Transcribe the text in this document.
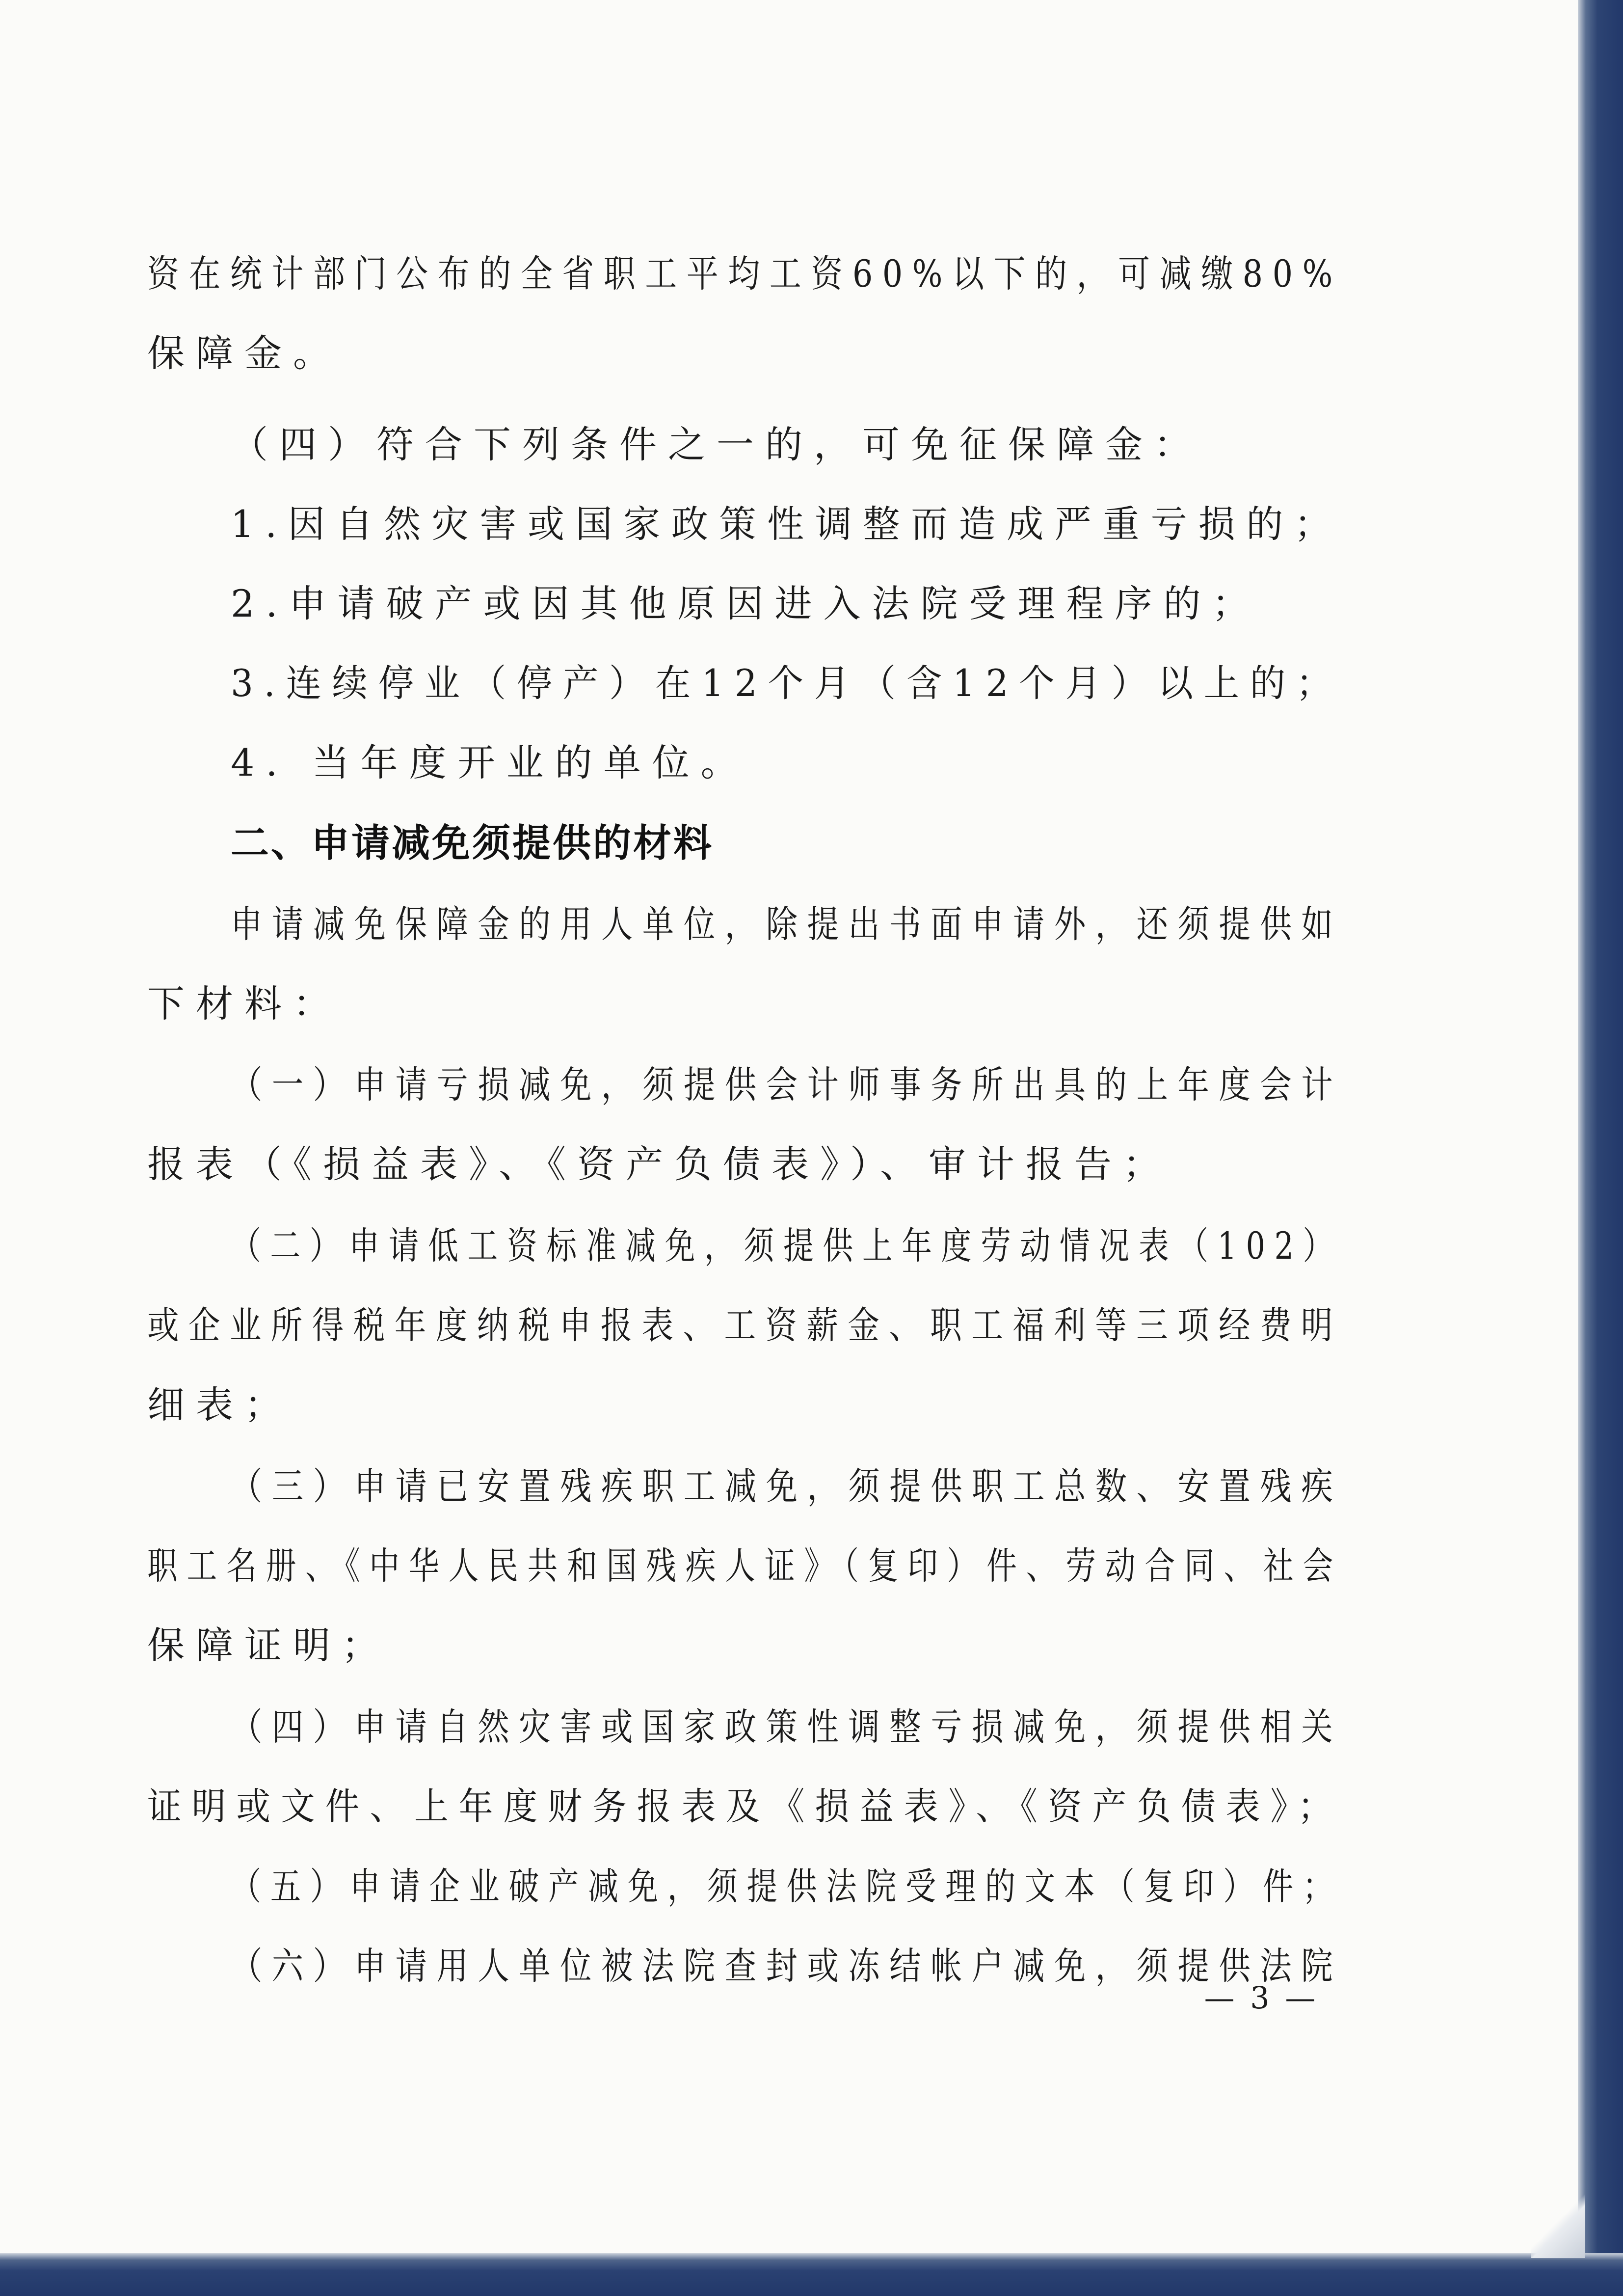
资在统计部门公布的全省职工平均工资60%以下的，可减缴80%
保障金。
（四）符合下列条件之一的，可免征保障金：
1.因自然灾害或国家政策性调整而造成严重亏损的；
2.申请破产或因其他原因进入法院受理程序的；
3.连续停业（停产）在12个月（含12个月）以上的；
4. 当年度开业的单位。
二、申请减免须提供的材料
申请减免保障金的用人单位，除提出书面申请外，还须提供如
下材料：
（一）申请亏损减免，须提供会计师事务所出具的上年度会计
报表（《损益表》、《资产负债表》）、审计报告；
（二）申请低工资标准减免，须提供上年度劳动情况表（102）
或企业所得税年度纳税申报表、工资薪金、职工福利等三项经费明
细表；
（三）申请已安置残疾职工减免，须提供职工总数、安置残疾
职工名册、《中华人民共和国残疾人证》（复印）件、劳动合同、社会
保障证明；
（四）申请自然灾害或国家政策性调整亏损减免，须提供相关
证明或文件、上年度财务报表及《损益表》、《资产负债表》；
（五）申请企业破产减免，须提供法院受理的文本（复印）件；
（六）申请用人单位被法院查封或冻结帐户减免，须提供法院
— 3 —
